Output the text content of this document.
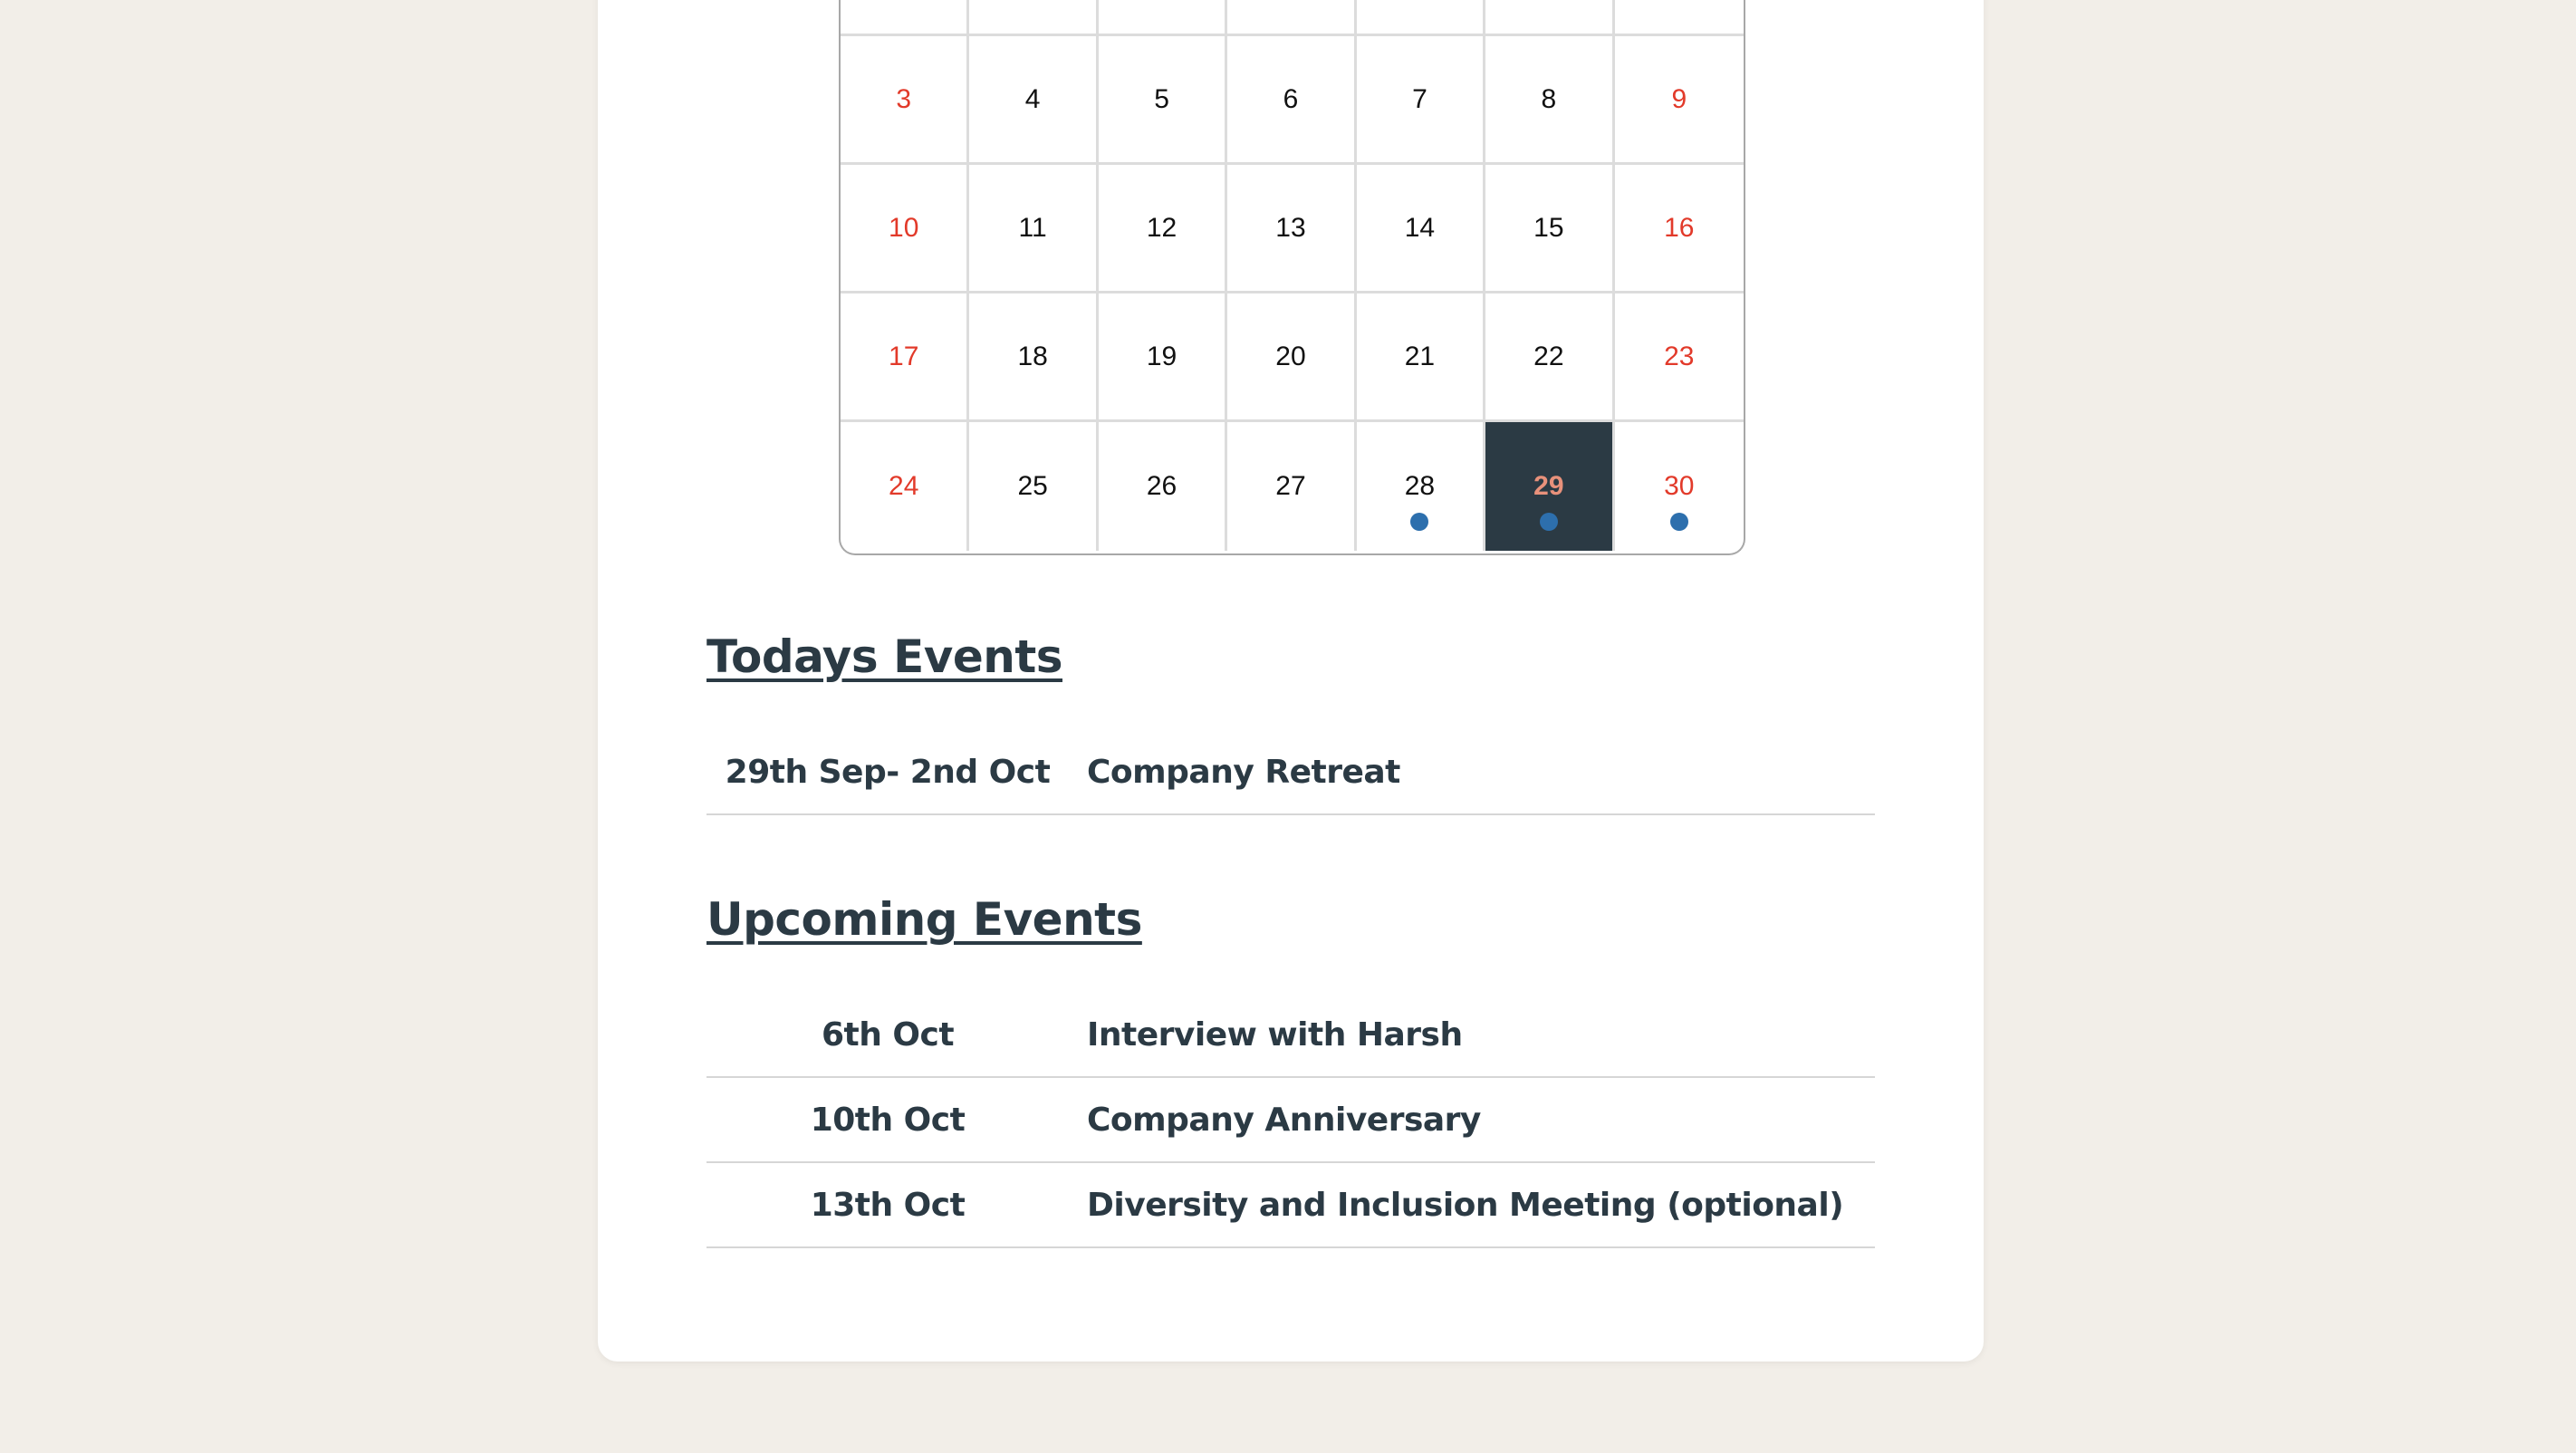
3	4	5	6	7	8	9
10	11	12	13	14	15	16
17	18	19	20	21	22	23
24	25	26	27	28	29	30
Todays Events
29th Sep- 2nd Oct	Company Retreat
Upcoming Events
6th Oct	Interview with Harsh
10th Oct	Company Anniversary
13th Oct	Diversity and Inclusion Meeting (optional)
